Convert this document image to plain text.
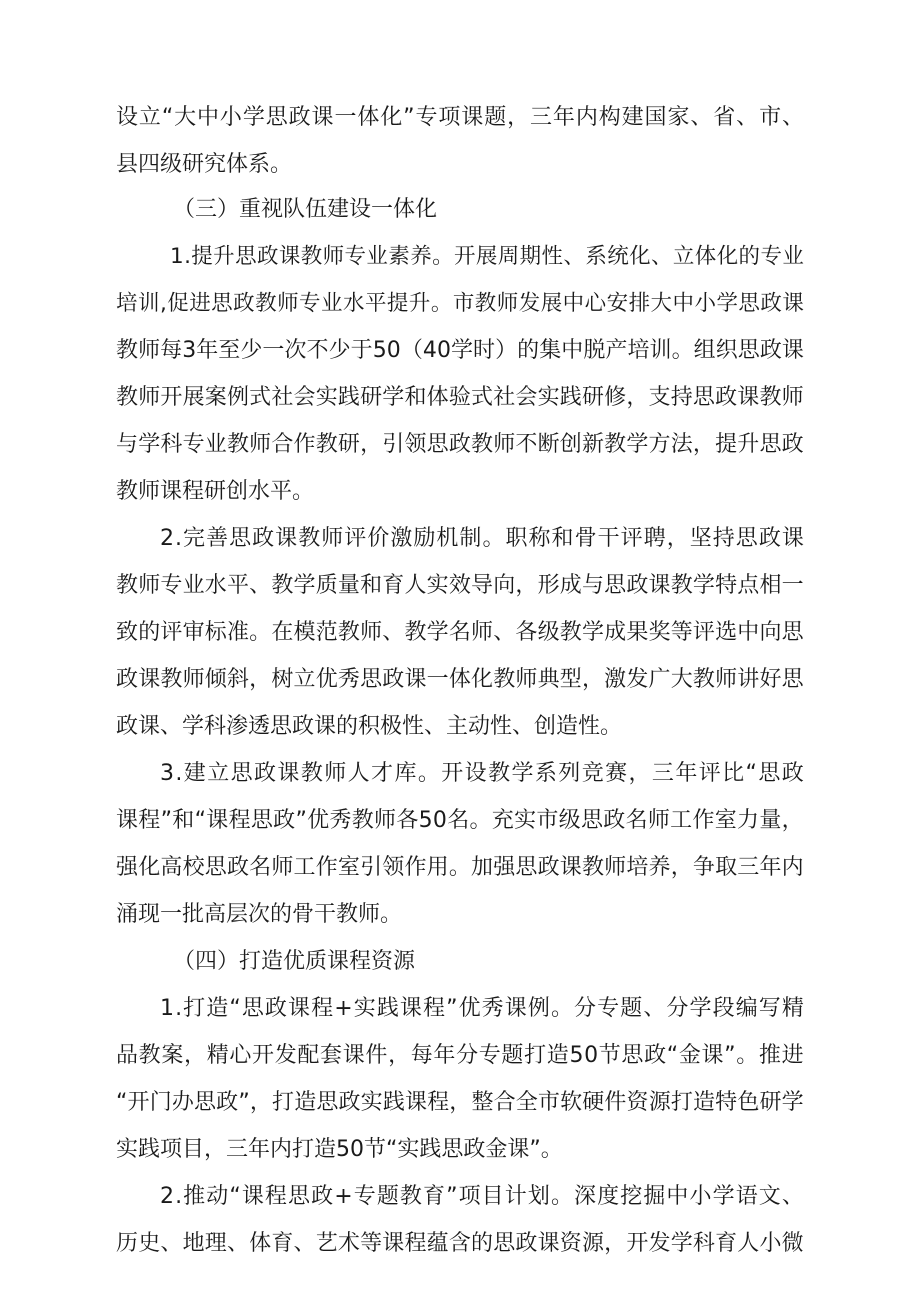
设 立 “ 大 中 小 学 思 政 课 一 体 化 ” 专 项 课 题 ， 三 年 内 构 建 国 家 、 省 、 市 、
县四级研究体系。
（三）重视队伍建设一体化
1 . 提 升 思 政 课 教 师 专 业 素 养 。 开 展 周 期 性 、 系 统 化 、 立 体 化 的 专 业
培 训 , 促 进 思 政 教 师 专 业 水 平 提 升 。 市 教 师 发 展 中 心 安 排 大 中 小 学 思 政 课
教 师 每 3 年 至 少 一 次 不 少 于 5 0 （ 4 0 学 时 ） 的 集 中 脱 产 培 训 。 组 织 思 政 课
教 师 开 展 案 例 式 社 会 实 践 研 学 和 体 验 式 社 会 实 践 研 修 ， 支 持 思 政 课 教 师
与 学 科 专 业 教 师 合 作 教 研 ， 引 领 思 政 教 师 不 断 创 新 教 学 方 法 ， 提 升 思 政
教师课程研创水平。
2 . 完 善 思 政 课 教 师 评 价 激 励 机 制 。 职 称 和 骨 干 评 聘 ， 坚 持 思 政 课
教 师 专 业 水 平 、 教 学 质 量 和 育 人 实 效 导 向 ， 形 成 与 思 政 课 教 学 特 点 相 一
致 的 评 审 标 准 。 在 模 范 教 师 、 教 学 名 师 、 各 级 教 学 成 果 奖 等 评 选 中 向 思
政 课 教 师 倾 斜 ， 树 立 优 秀 思 政 课 一 体 化 教 师 典 型 ， 激 发 广 大 教 师 讲 好 思
政课、学科渗透思政课的积极性、主动性、创造性。
3 . 建 立 思 政 课 教 师 人 才 库 。 开 设 教 学 系 列 竞 赛 ， 三 年 评 比 “ 思 政
课 程 ” 和 “ 课 程 思 政 ” 优 秀 教 师 各 5 0 名 。 充 实 市 级 思 政 名 师 工 作 室 力 量 ，
强 化 高 校 思 政 名 师 工 作 室 引 领 作 用 。 加 强 思 政 课 教 师 培 养 ， 争 取 三 年 内
涌现一批高层次的骨干教师。
（四）打造优质课程资源
1 . 打 造 “ 思 政 课 程 + 实 践 课 程 ” 优 秀 课 例 。 分 专 题 、 分 学 段 编 写 精
品 教 案 ， 精 心 开 发 配 套 课 件 ， 每 年 分 专 题 打 造 5 0 节 思 政 “ 金 课 ” 。 推 进
“ 开 门 办 思 政 ” ， 打 造 思 政 实 践 课 程 ， 整 合 全 市 软 硬 件 资 源 打 造 特 色 研 学
实践项目，三年内打造50节“实践思政金课”。
2 . 推 动 “ 课 程 思 政 + 专 题 教 育 ” 项 目 计 划 。 深 度 挖 掘 中 小 学 语 文 、
历 史 、 地 理 、 体 育 、 艺 术 等 课 程 蕴 含 的 思 政 课 资 源 ， 开 发 学 科 育 人 小 微
